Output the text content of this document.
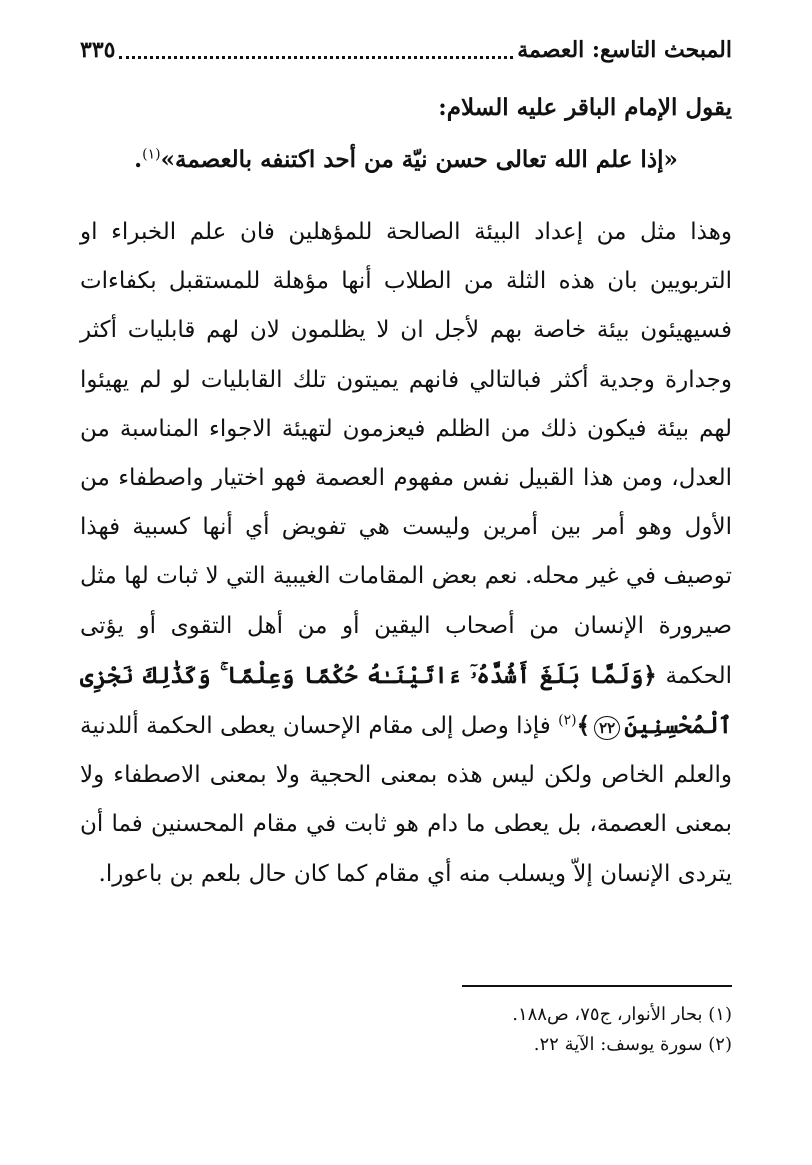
المبحث التاسع: العصمة
٣٣٥
يقول الإمام الباقر عليه السلام:
«إذا علم الله تعالى حسن نيّة من أحد اكتنفه بالعصمة»$^{(١)}$.

وهذا مثل من إعداد البيئة الصالحة للمؤهلين فان علم الخبراء او التربويين بان هذه الثلة من الطلاب أنها مؤهلة للمستقبل بكفاءات فسيهيئون بيئة خاصة بهم لأجل ان لا يظلمون لان لهم قابليات أكثر وجدارة وجدية أكثر فبالتالي فانهم يميتون تلك القابليات لو لم يهيئوا لهم بيئة فيكون ذلك من الظلم فيعزمون لتهيئة الاجواء المناسبة من العدل، ومن هذا القبيل نفس مفهوم العصمة فهو اختيار واصطفاء من الأول وهو أمر بين أمرين وليست هي تفويض أي أنها كسبية فهذا توصيف في غير محله. نعم بعض المقامات الغيبية التي لا ثبات لها مثل صيرورة الإنسان من أصحاب اليقين أو من أهل التقوى أو يؤتى الحكمة ﴿وَلَمَّا بَلَغَ أَشُدَّهُۥٓ ءَاتَيْنَـٰهُ حُكْمًا وَعِلْمًا ۚ وَكَذَٰلِكَ نَجْزِى ٱلْمُحْسِنِينَ٢٢﴾$^{(٢)}$ فإذا وصل إلى مقام الإحسان يعطى الحكمة أللدنية والعلم الخاص ولكن ليس هذه بمعنى الحجية ولا بمعنى الاصطفاء ولا بمعنى العصمة، بل يعطى ما دام هو ثابت في مقام المحسنين فما أن يتردى الإنسان إلاّ ويسلب منه أي مقام كما كان حال بلعم بن باعورا.

(١) بحار الأنوار، ج٧٥، ص١٨٨.
(٢) سورة يوسف: الآية ٢٢.
